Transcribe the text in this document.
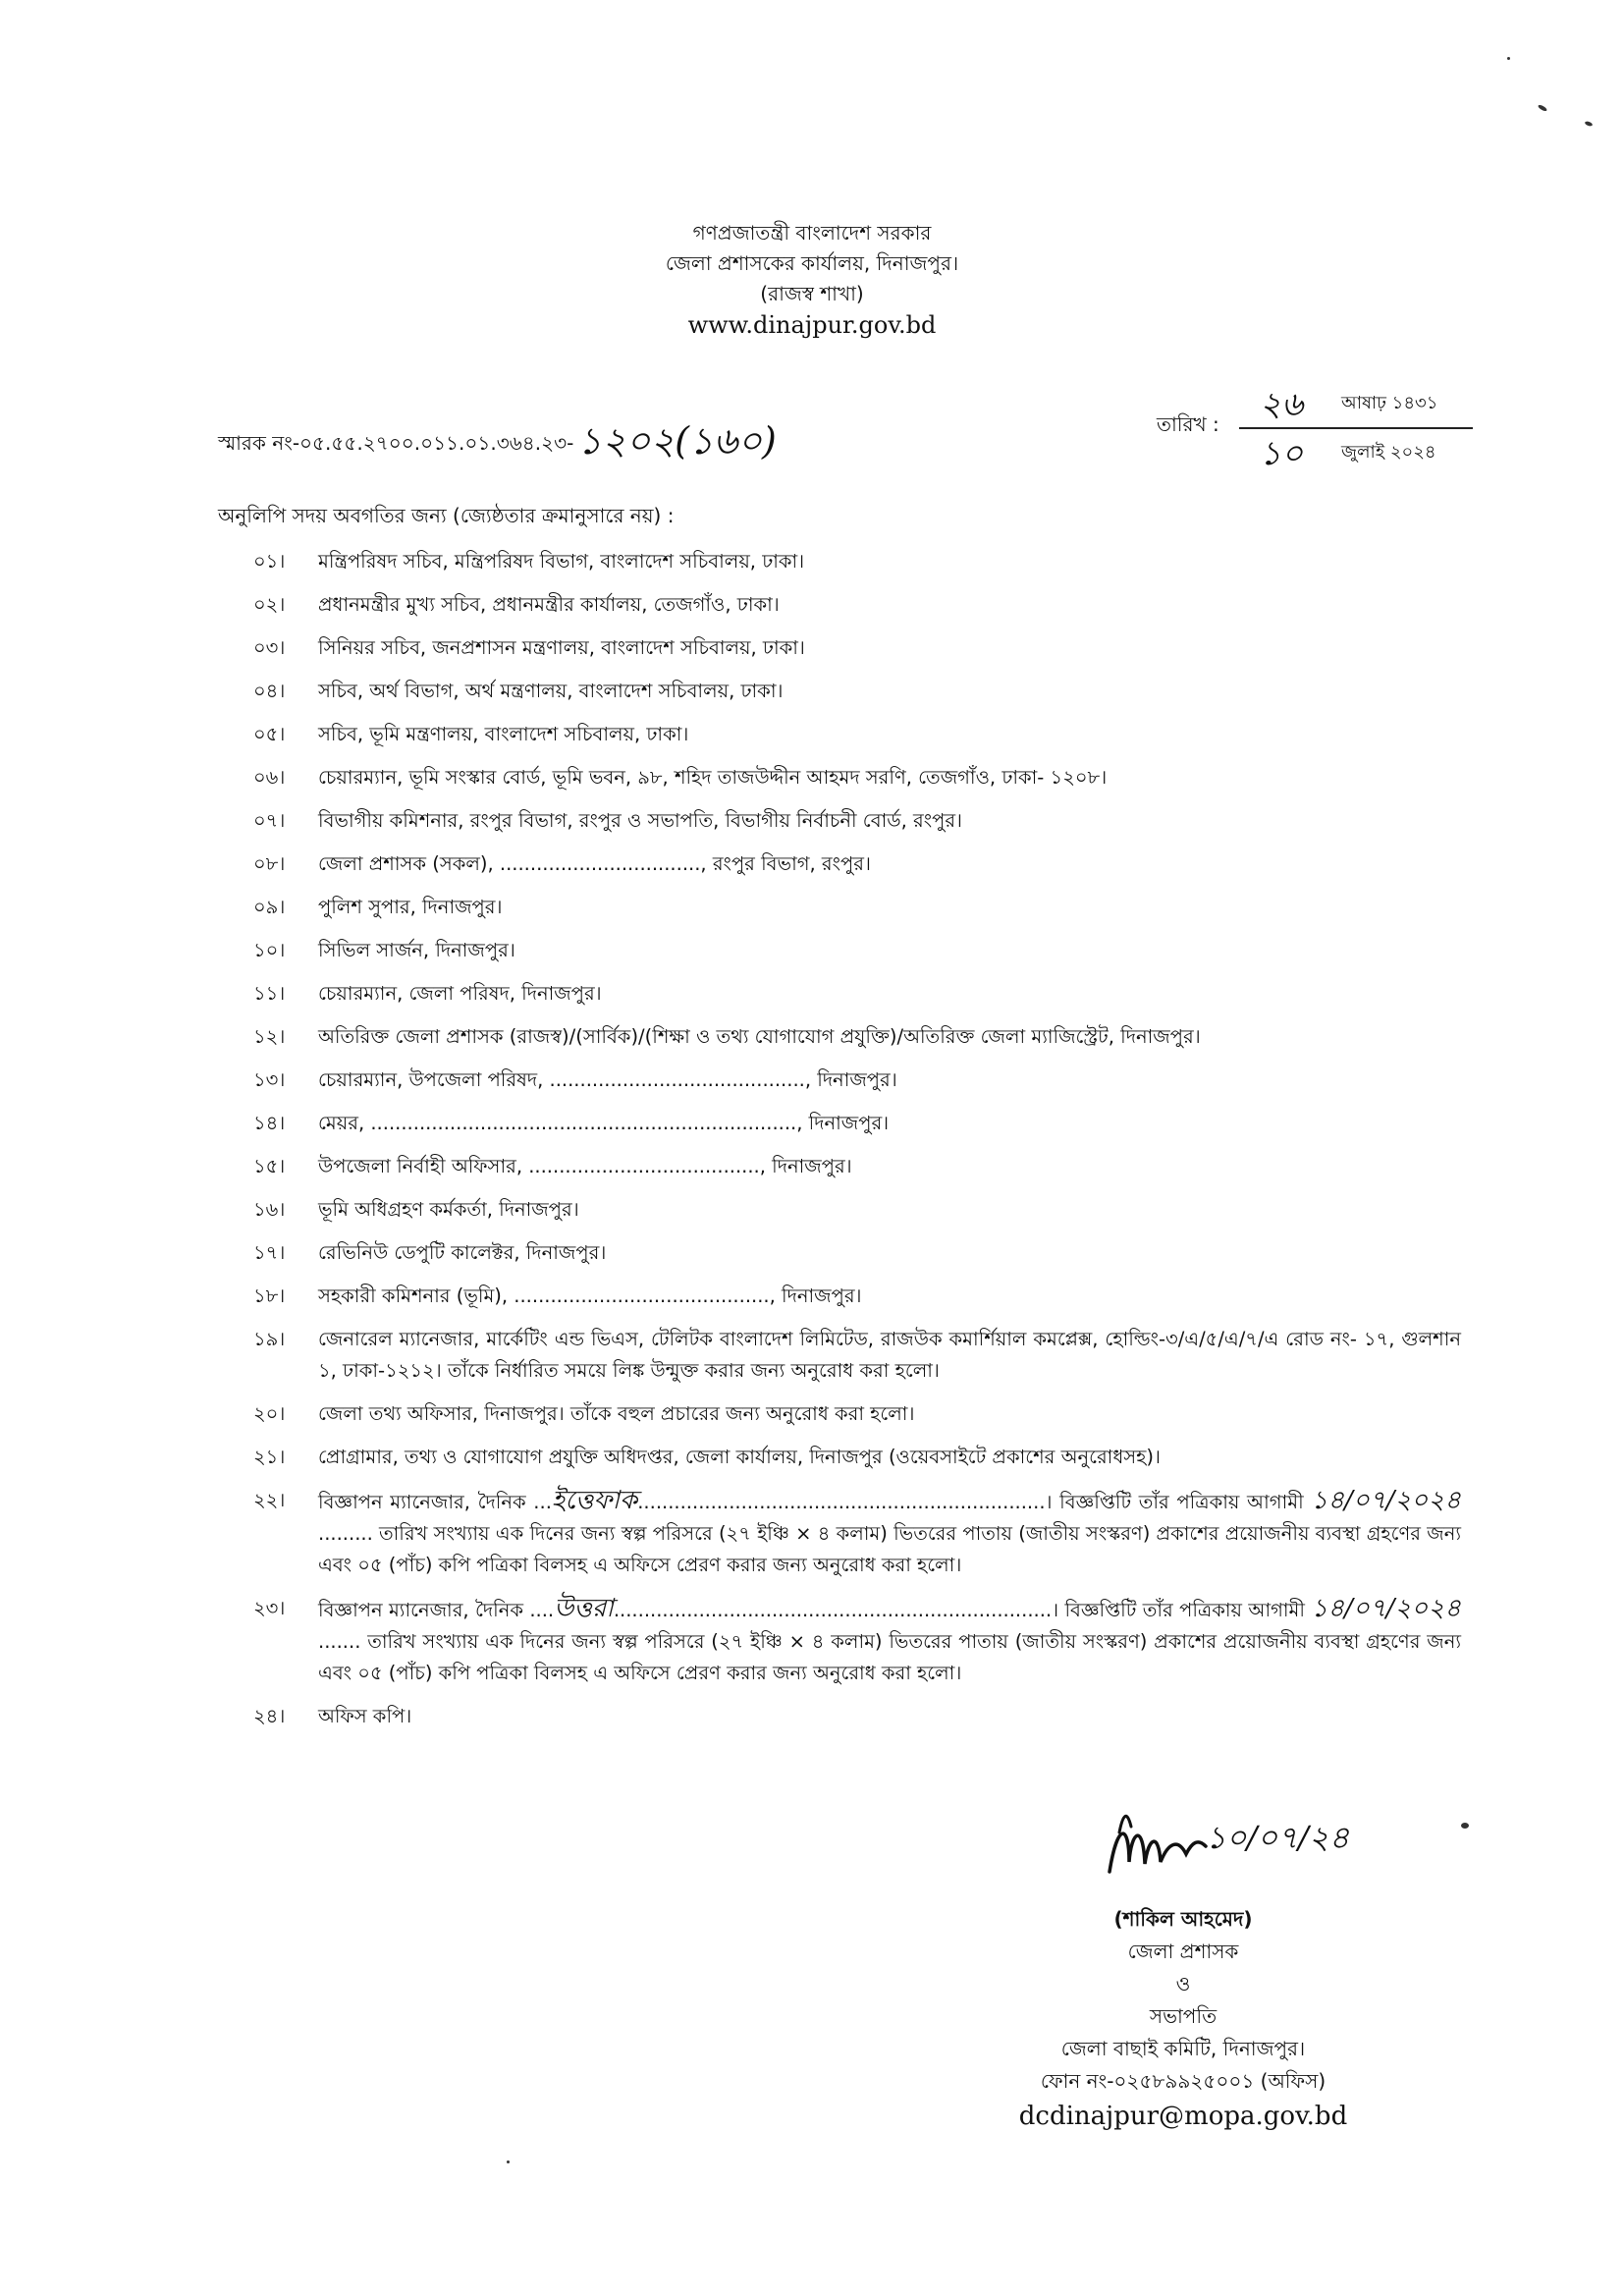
গণপ্রজাতন্ত্রী বাংলাদেশ সরকার
জেলা প্রশাসকের কার্যালয়, দিনাজপুর।
(রাজস্ব শাখা)
www.dinajpur.gov.bd
স্মারক নং-০৫.৫৫.২৭০০.০১১.০১.৩৬৪.২৩- ১২০২(১৬০)	তারিখ :	২৬	আষাঢ় ১৪৩১
১০	জুলাই ২০২৪
অনুলিপি সদয় অবগতির জন্য (জ্যেষ্ঠতার ক্রমানুসারে নয়) :
০১।	মন্ত্রিপরিষদ সচিব, মন্ত্রিপরিষদ বিভাগ, বাংলাদেশ সচিবালয়, ঢাকা।
০২।	প্রধানমন্ত্রীর মুখ্য সচিব, প্রধানমন্ত্রীর কার্যালয়, তেজগাঁও, ঢাকা।
০৩।	সিনিয়র সচিব, জনপ্রশাসন মন্ত্রণালয়, বাংলাদেশ সচিবালয়, ঢাকা।
০৪।	সচিব, অর্থ বিভাগ, অর্থ মন্ত্রণালয়, বাংলাদেশ সচিবালয়, ঢাকা।
০৫।	সচিব, ভূমি মন্ত্রণালয়, বাংলাদেশ সচিবালয়, ঢাকা।
০৬।	চেয়ারম্যান, ভূমি সংস্কার বোর্ড, ভূমি ভবন, ৯৮, শহিদ তাজউদ্দীন আহমদ সরণি, তেজগাঁও, ঢাকা- ১২০৮।
০৭।	বিভাগীয় কমিশনার, রংপুর বিভাগ, রংপুর ও সভাপতি, বিভাগীয় নির্বাচনী বোর্ড, রংপুর।
০৮।	জেলা প্রশাসক (সকল), ................................., রংপুর বিভাগ, রংপুর।
০৯।	পুলিশ সুপার, দিনাজপুর।
১০।	সিভিল সার্জন, দিনাজপুর।
১১।	চেয়ারম্যান, জেলা পরিষদ, দিনাজপুর।
১২।	অতিরিক্ত জেলা প্রশাসক (রাজস্ব)/(সার্বিক)/(শিক্ষা ও তথ্য যোগাযোগ প্রযুক্তি)/অতিরিক্ত জেলা ম্যাজিস্ট্রেট, দিনাজপুর।
১৩।	চেয়ারম্যান, উপজেলা পরিষদ, .........................................., দিনাজপুর।
১৪।	মেয়র, ......................................................................, দিনাজপুর।
১৫।	উপজেলা নির্বাহী অফিসার, ......................................, দিনাজপুর।
১৬।	ভূমি অধিগ্রহণ কর্মকর্তা, দিনাজপুর।
১৭।	রেভিনিউ ডেপুটি কালেক্টর, দিনাজপুর।
১৮।	সহকারী কমিশনার (ভূমি), .........................................., দিনাজপুর।
১৯।	জেনারেল ম্যানেজার, মার্কেটিং এন্ড ভিএস, টেলিটক বাংলাদেশ লিমিটেড, রাজউক কমার্শিয়াল কমপ্লেক্স, হোল্ডিং-৩/এ/৫/এ/৭/এ রোড নং- ১৭, গুলশান ১, ঢাকা-১২১২। তাঁকে নির্ধারিত সময়ে লিঙ্ক উন্মুক্ত করার জন্য অনুরোধ করা হলো।
২০।	জেলা তথ্য অফিসার, দিনাজপুর। তাঁকে বহুল প্রচারের জন্য অনুরোধ করা হলো।
২১।	প্রোগ্রামার, তথ্য ও যোগাযোগ প্রযুক্তি অধিদপ্তর, জেলা কার্যালয়, দিনাজপুর (ওয়েবসাইটে প্রকাশের অনুরোধসহ)।
২২।	বিজ্ঞাপন ম্যানেজার, দৈনিক ...ইত্তেফাক...................................................................। বিজ্ঞপ্তিটি তাঁর পত্রিকায় আগামী ১৪/০৭/২০২৪ ......... তারিখ সংখ্যায় এক দিনের জন্য স্বল্প পরিসরে (২৭ ইঞ্চি × ৪ কলাম) ভিতরের পাতায় (জাতীয় সংস্করণ) প্রকাশের প্রয়োজনীয় ব্যবস্থা গ্রহণের জন্য এবং ০৫ (পাঁচ) কপি পত্রিকা বিলসহ এ অফিসে প্রেরণ করার জন্য অনুরোধ করা হলো।
২৩।	বিজ্ঞাপন ম্যানেজার, দৈনিক ....উত্তরা........................................................................। বিজ্ঞপ্তিটি তাঁর পত্রিকায় আগামী ১৪/০৭/২০২৪ ....... তারিখ সংখ্যায় এক দিনের জন্য স্বল্প পরিসরে (২৭ ইঞ্চি × ৪ কলাম) ভিতরের পাতায় (জাতীয় সংস্করণ) প্রকাশের প্রয়োজনীয় ব্যবস্থা গ্রহণের জন্য এবং ০৫ (পাঁচ) কপি পত্রিকা বিলসহ এ অফিসে প্রেরণ করার জন্য অনুরোধ করা হলো।
২৪।	অফিস কপি।
১০/০৭/২৪
(শাকিল আহমেদ)
জেলা প্রশাসক
ও
সভাপতি
জেলা বাছাই কমিটি, দিনাজপুর।
ফোন নং-০২৫৮৯৯২৫০০১ (অফিস)
dcdinajpur@mopa.gov.bd
